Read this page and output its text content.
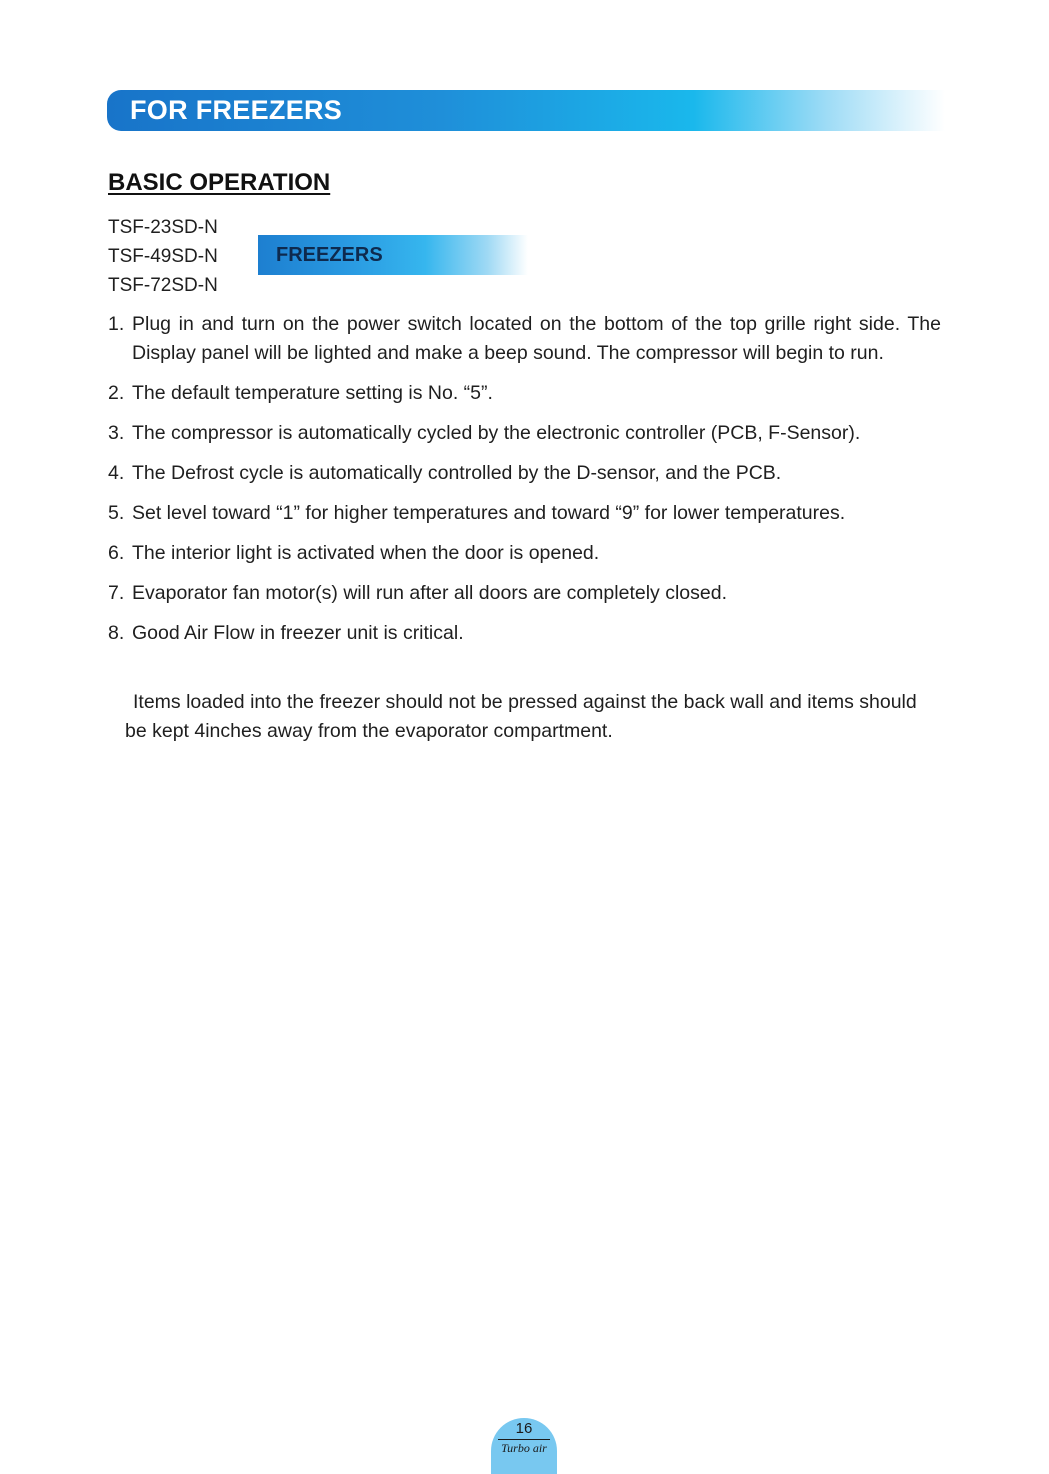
FOR FREEZERS
BASIC OPERATION
TSF-23SD-N
TSF-49SD-N
TSF-72SD-N
FREEZERS
1. Plug in and turn on the power switch located on the bottom of the top grille right side. The Display panel will be lighted and make a beep sound. The compressor will begin to run.
2. The default temperature setting is No. “5”.
3. The compressor is automatically cycled by the electronic controller (PCB, F-Sensor).
4. The Defrost cycle is automatically controlled by the D-sensor, and the PCB.
5. Set level toward “1” for higher temperatures and toward “9” for lower temperatures.
6. The interior light is activated when the door is opened.
7. Evaporator fan motor(s) will run after all doors are completely closed.
8. Good Air Flow in freezer unit is critical.

Items loaded into the freezer should not be pressed against the back wall and items should be kept 4inches away from the evaporator compartment.

16
Turbo air
